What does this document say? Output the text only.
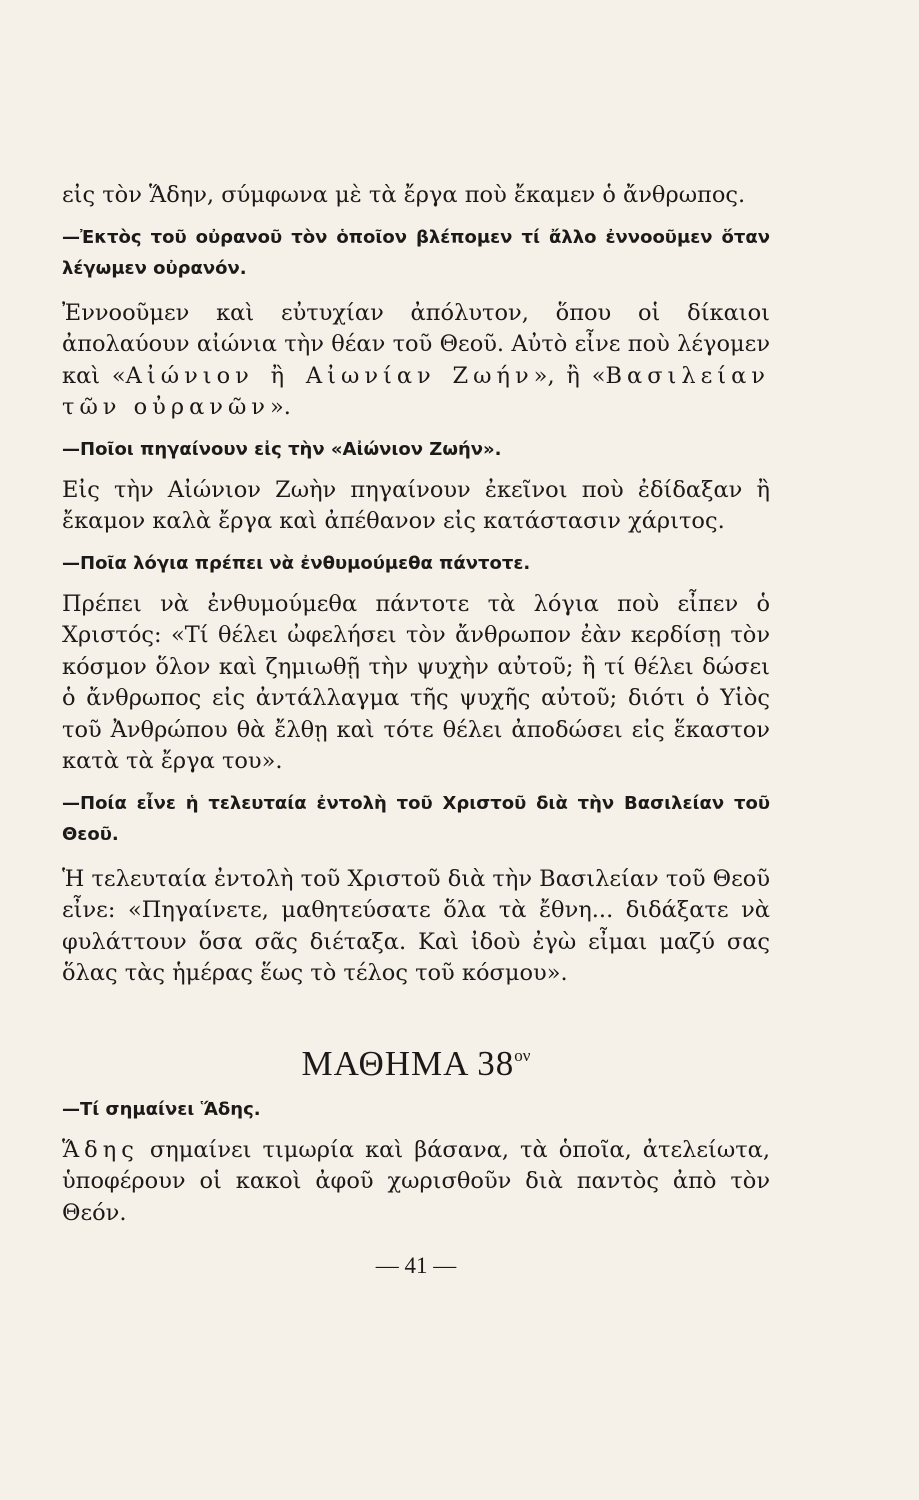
εἰς τὸν Ἅδην, σύμφωνα μὲ τὰ ἔργα ποὺ ἔκαμεν ὁ ἄνθρωπος.

—Ἐκτὸς τοῦ οὐρανοῦ τὸν ὁποῖον βλέπομεν τί ἄλλο ἐννοοῦμεν ὅταν λέγωμεν οὐρανόν.

Ἐννοοῦμεν καὶ εὐτυχίαν ἀπόλυτον, ὅπου οἱ δίκαιοι ἀπολαύουν αἰώνια τὴν θέαν τοῦ Θεοῦ. Αὐτὸ εἶνε ποὺ λέγομεν καὶ «Αἰώνιον ἢ Αἰωνίαν Ζωήν», ἢ «Βασιλείαν τῶν οὐρανῶν».

—Ποῖοι πηγαίνουν εἰς τὴν «Αἰώνιον Ζωήν».

Εἰς τὴν Αἰώνιον Ζωὴν πηγαίνουν ἐκεῖνοι ποὺ ἐδίδαξαν ἢ ἔκαμον καλὰ ἔργα καὶ ἀπέθανον εἰς κατάστασιν χάριτος.

—Ποῖα λόγια πρέπει νὰ ἐνθυμούμεθα πάντοτε.

Πρέπει νὰ ἐνθυμούμεθα πάντοτε τὰ λόγια ποὺ εἶπεν ὁ Χριστός: «Τί θέλει ὠφελήσει τὸν ἄνθρωπον ἐὰν κερδίσῃ τὸν κόσμον ὅλον καὶ ζημιωθῇ τὴν ψυχὴν αὐτοῦ; ἢ τί θέλει δώσει ὁ ἄνθρωπος εἰς ἀντάλλαγμα τῆς ψυχῆς αὐτοῦ; διότι ὁ Υἱὸς τοῦ Ἀνθρώπου θὰ ἔλθῃ καὶ τότε θέλει ἀποδώσει εἰς ἕκαστον κατὰ τὰ ἔργα του».

—Ποία εἶνε ἡ τελευταία ἐντολὴ τοῦ Χριστοῦ διὰ τὴν Βασιλείαν τοῦ Θεοῦ.

Ἡ τελευταία ἐντολὴ τοῦ Χριστοῦ διὰ τὴν Βασιλείαν τοῦ Θεοῦ εἶνε: «Πηγαίνετε, μαθητεύσατε ὅλα τὰ ἔθνη... διδάξατε νὰ φυλάττουν ὅσα σᾶς διέταξα. Καὶ ἰδοὺ ἐγὼ εἶμαι μαζύ σας ὅλας τὰς ἡμέρας ἕως τὸ τέλος τοῦ κόσμου».

ΜΑΘΗΜΑ $38^{o\nu}$

—Τί σημαίνει Ἅδης.

Ἅδης σημαίνει τιμωρία καὶ βάσανα, τὰ ὁποῖα, ἀτελείωτα, ὑποφέρουν οἱ κακοὶ ἀφοῦ χωρισθοῦν διὰ παντὸς ἀπὸ τὸν Θεόν.

— 41 —
